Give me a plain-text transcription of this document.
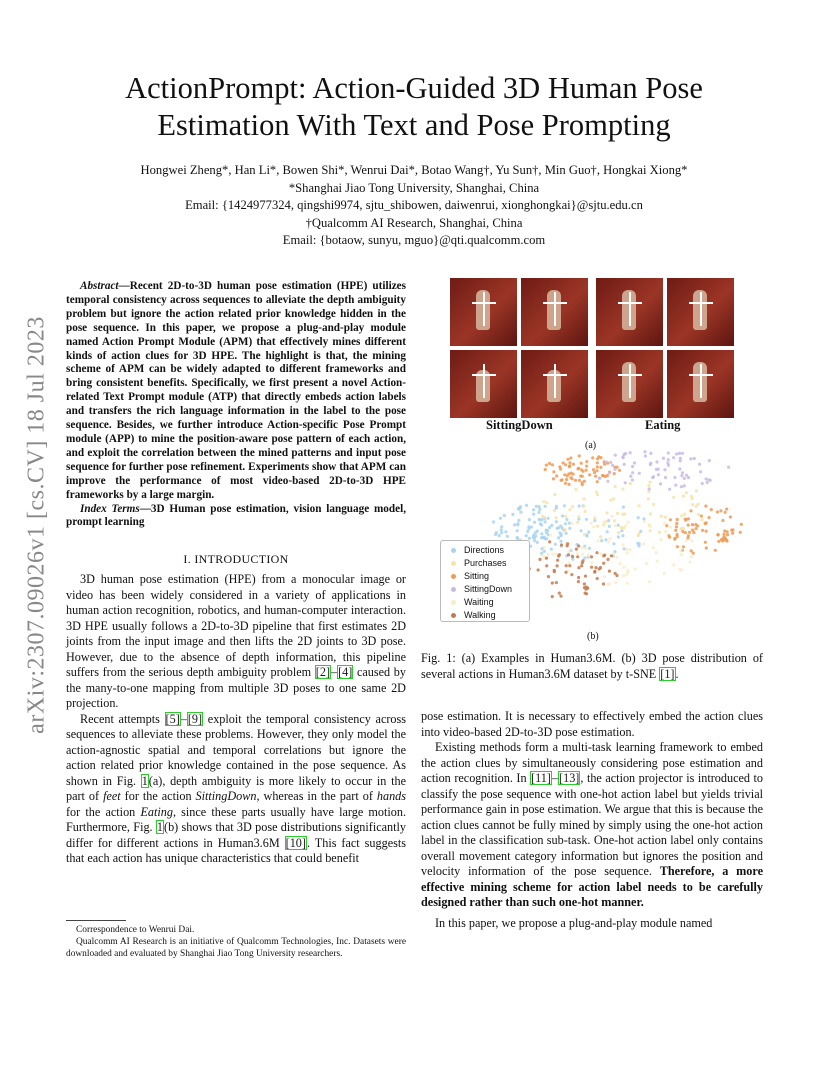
arXiv:2307.09026v1 [cs.CV] 18 Jul 2023
ActionPrompt: Action-Guided 3D Human Pose
Estimation With Text and Pose Prompting
Hongwei Zheng*, Han Li*, Bowen Shi*, Wenrui Dai*, Botao Wang†, Yu Sun†, Min Guo†, Hongkai Xiong*
*Shanghai Jiao Tong University, Shanghai, China
Email: {1424977324, qingshi9974, sjtu_shibowen, daiwenrui, xionghongkai}@sjtu.edu.cn
†Qualcomm AI Research, Shanghai, China
Email: {botaow, sunyu, mguo}@qti.qualcomm.com

Abstract—Recent 2D-to-3D human pose estimation (HPE) utilizes temporal consistency across sequences to alleviate the depth ambiguity problem but ignore the action related prior knowledge hidden in the pose sequence. In this paper, we propose a plug-and-play module named Action Prompt Module (APM) that effectively mines different kinds of action clues for 3D HPE. The highlight is that, the mining scheme of APM can be widely adapted to different frameworks and bring consistent benefits. Specifically, we first present a novel Action-related Text Prompt module (ATP) that directly embeds action labels and transfers the rich language information in the label to the pose sequence. Besides, we further introduce Action-specific Pose Prompt module (APP) to mine the position-aware pose pattern of each action, and exploit the correlation between the mined patterns and input pose sequence for further pose refinement. Experiments show that APM can improve the performance of most video-based 2D-to-3D HPE frameworks by a large margin.

Index Terms—3D Human pose estimation, vision language model, prompt learning

I. INTRODUCTION

3D human pose estimation (HPE) from a monocular image or video has been widely considered in a variety of applications in human action recognition, robotics, and human-computer interaction. 3D HPE usually follows a 2D-to-3D pipeline that first estimates 2D joints from the input image and then lifts the 2D joints to 3D pose. However, due to the absence of depth information, this pipeline suffers from the serious depth ambiguity problem [2]–[4] caused by the many-to-one mapping from multiple 3D poses to one same 2D projection.

Recent attempts [5]–[9] exploit the temporal consistency across sequences to alleviate these problems. However, they only model the action-agnostic spatial and temporal correlations but ignore the action related prior knowledge contained in the pose sequence. As shown in Fig. 1(a), depth ambiguity is more likely to occur in the part of feet for the action SittingDown, whereas in the part of hands for the action Eating, since these parts usually have large motion. Furthermore, Fig. 1(b) shows that 3D pose distributions significantly differ for different actions in Human3.6M [10]. This fact suggests that each action has unique characteristics that could benefit

Correspondence to Wenrui Dai.

Qualcomm AI Research is an initiative of Qualcomm Technologies, Inc. Datasets were downloaded and evaluated by Shanghai Jiao Tong University researchers.

SittingDown	Eating
(a)
Directions
Purchases
Sitting
SittingDown
Waiting
Walking
(b)
Fig. 1: (a) Examples in Human3.6M. (b) 3D pose distribution of several actions in Human3.6M dataset by t-SNE [1].

pose estimation. It is necessary to effectively embed the action clues into video-based 2D-to-3D pose estimation.

Existing methods form a multi-task learning framework to embed the action clues by simultaneously considering pose estimation and action recognition. In [11]–[13], the action projector is introduced to classify the pose sequence with one-hot action label but yields trivial performance gain in pose estimation. We argue that this is because the action clues cannot be fully mined by simply using the one-hot action label in the classification sub-task. One-hot action label only contains overall movement category information but ignores the position and velocity information of the pose sequence. Therefore, a more effective mining scheme for action label needs to be carefully designed rather than such one-hot manner.

In this paper, we propose a plug-and-play module named
